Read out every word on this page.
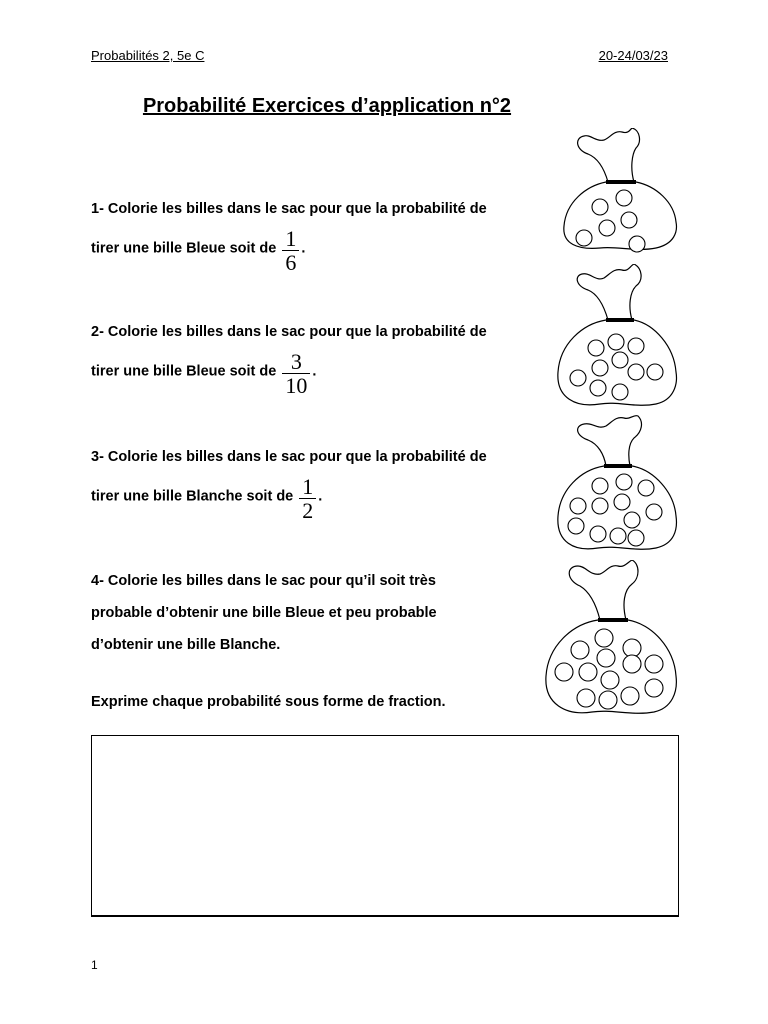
Probabilités 2, 5e C	20-24/03/23
Probabilité Exercices d’application n°2
1- Colorie les billes dans le sac pour que la probabilité de
tirer une bille Bleue soit de $\frac{1}{6}$ .
2- Colorie les billes dans le sac pour que la probabilité de
tirer une bille Bleue soit de $\frac{3}{10}$ .
3- Colorie les billes dans le sac pour que la probabilité de
tirer une bille Blanche soit de $\frac{1}{2}$ .
4- Colorie les billes dans le sac pour qu’il soit très
probable d’obtenir une bille Bleue et peu probable
d’obtenir une bille Blanche.
Exprime chaque probabilité sous forme de fraction.
1
